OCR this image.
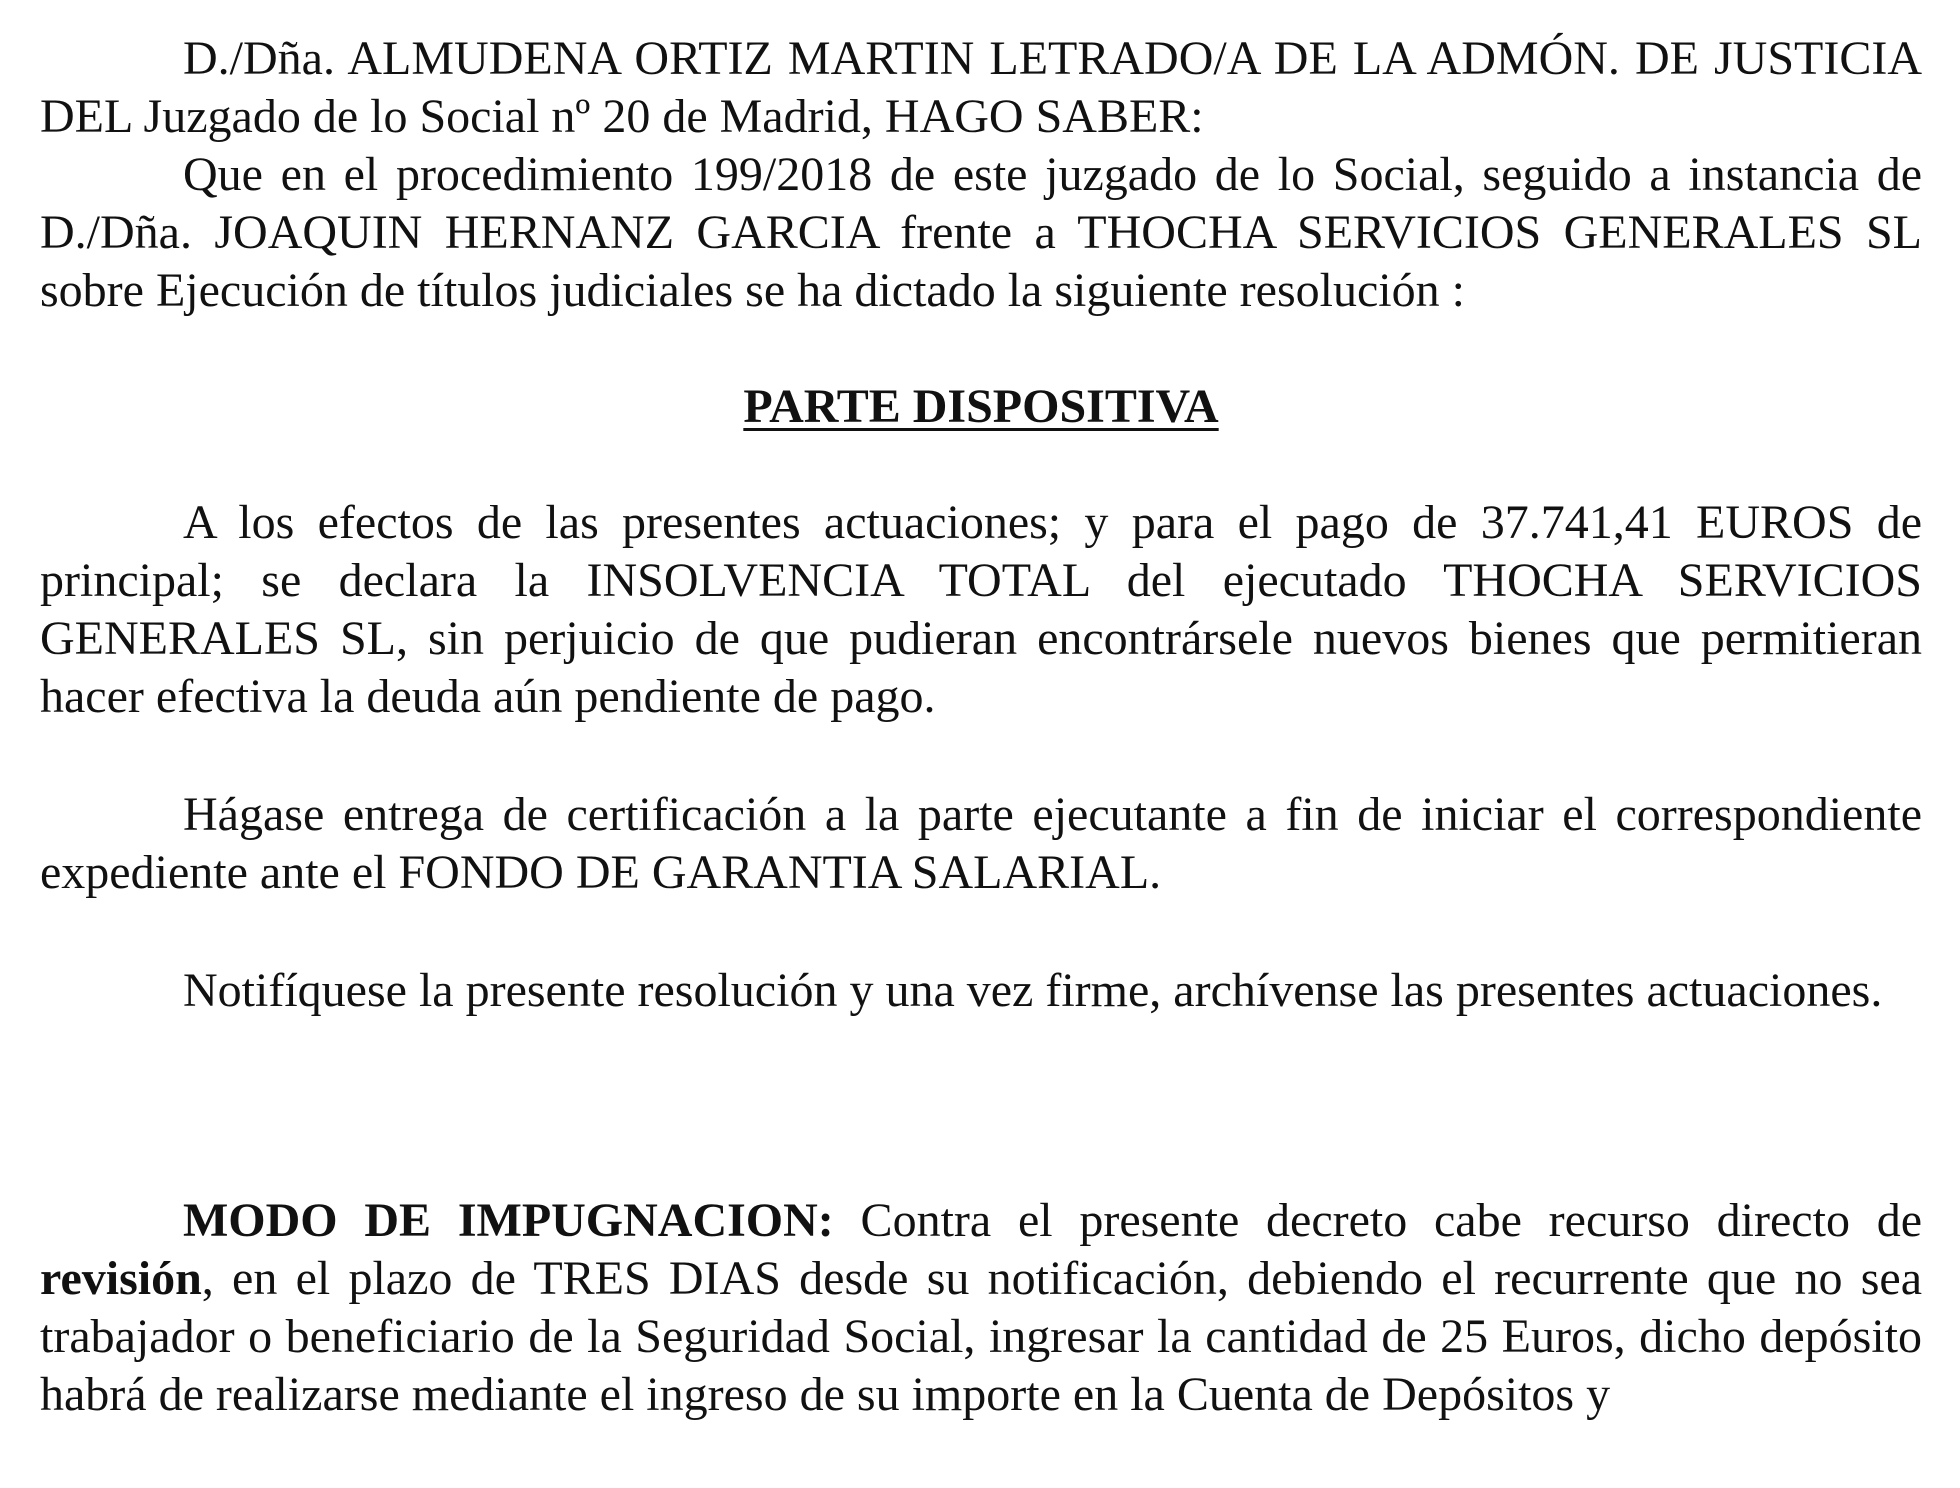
D./Dña. ALMUDENA ORTIZ MARTIN LETRADO/A DE LA ADMÓN. DE JUSTICIA DEL Juzgado de lo Social nº 20 de Madrid, HAGO SABER:

Que en el procedimiento 199/2018 de este juzgado de lo Social, seguido a instancia de D./Dña. JOAQUIN HERNANZ GARCIA frente a THOCHA SERVICIOS GENERALES SL sobre Ejecución de títulos judiciales se ha dictado la siguiente resolución :

PARTE DISPOSITIVA

A los efectos de las presentes actuaciones; y para el pago de 37.741,41 EUROS de principal; se declara la INSOLVENCIA TOTAL del ejecutado THOCHA SERVICIOS GENERALES SL, sin perjuicio de que pudieran encontrársele nuevos bienes que permitieran hacer efectiva la deuda aún pendiente de pago.

Hágase entrega de certificación a la parte ejecutante a fin de iniciar el correspondiente expediente ante el FONDO DE GARANTIA SALARIAL.

Notifíquese la presente resolución y una vez firme, archívense las presentes actuaciones.

MODO DE IMPUGNACION: Contra el presente decreto cabe recurso directo de revisión, en el plazo de TRES DIAS desde su notificación, debiendo el recurrente que no sea trabajador o beneficiario de la Seguridad Social, ingresar la cantidad de 25 Euros, dicho depósito habrá de realizarse mediante el ingreso de su importe en la Cuenta de Depósitos y
